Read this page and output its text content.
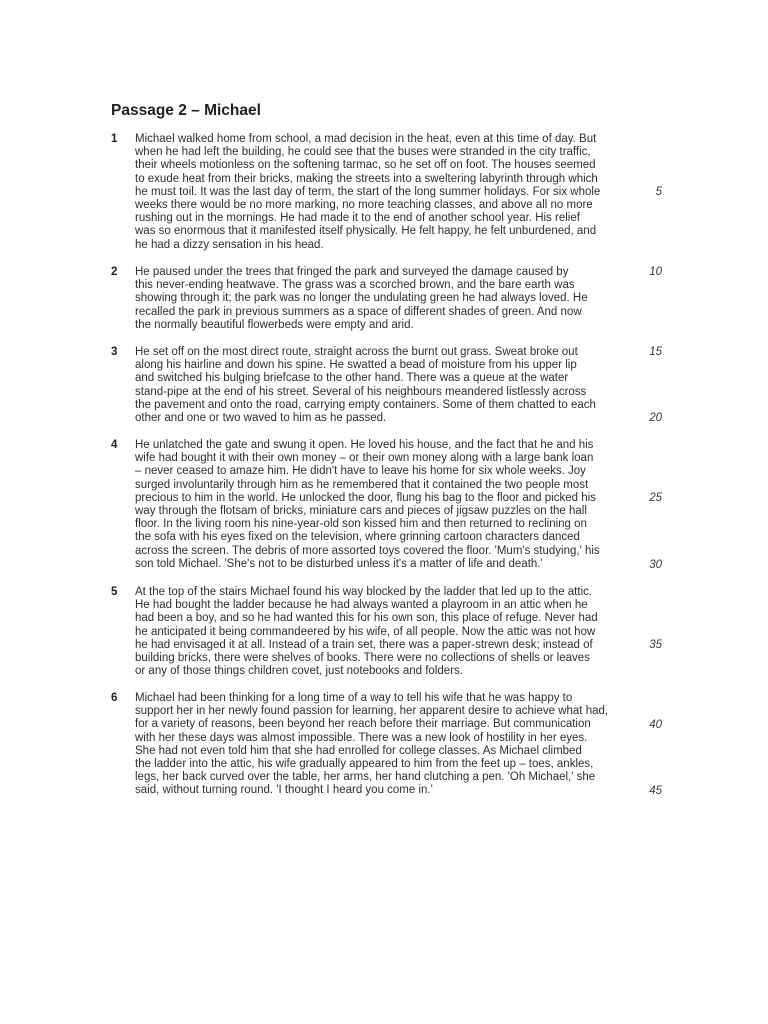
Passage 2 – Michael
1 Michael walked home from school, a mad decision in the heat, even at this time of day. But
when he had left the building, he could see that the buses were stranded in the city traffic,
their wheels motionless on the softening tarmac, so he set off on foot. The houses seemed
to exude heat from their bricks, making the streets into a sweltering labyrinth through which
he must toil. It was the last day of term, the start of the long summer holidays. For six whole
weeks there would be no more marking, no more teaching classes, and above all no more
rushing out in the mornings. He had made it to the end of another school year. His relief
was so enormous that it manifested itself physically. He felt happy, he felt unburdened, and
he had a dizzy sensation in his head.
2 He paused under the trees that fringed the park and surveyed the damage caused by
this never-ending heatwave. The grass was a scorched brown, and the bare earth was
showing through it; the park was no longer the undulating green he had always loved. He
recalled the park in previous summers as a space of different shades of green. And now
the normally beautiful flowerbeds were empty and arid.
3 He set off on the most direct route, straight across the burnt out grass. Sweat broke out
along his hairline and down his spine. He swatted a bead of moisture from his upper lip
and switched his bulging briefcase to the other hand. There was a queue at the water
stand-pipe at the end of his street. Several of his neighbours meandered listlessly across
the pavement and onto the road, carrying empty containers. Some of them chatted to each
other and one or two waved to him as he passed.
4 He unlatched the gate and swung it open. He loved his house, and the fact that he and his
wife had bought it with their own money – or their own money along with a large bank loan
– never ceased to amaze him. He didn't have to leave his home for six whole weeks. Joy
surged involuntarily through him as he remembered that it contained the two people most
precious to him in the world. He unlocked the door, flung his bag to the floor and picked his
way through the flotsam of bricks, miniature cars and pieces of jigsaw puzzles on the hall
floor. In the living room his nine-year-old son kissed him and then returned to reclining on
the sofa with his eyes fixed on the television, where grinning cartoon characters danced
across the screen. The debris of more assorted toys covered the floor. 'Mum's studying,' his
son told Michael. 'She's not to be disturbed unless it's a matter of life and death.'
5 At the top of the stairs Michael found his way blocked by the ladder that led up to the attic.
He had bought the ladder because he had always wanted a playroom in an attic when he
had been a boy, and so he had wanted this for his own son, this place of refuge. Never had
he anticipated it being commandeered by his wife, of all people. Now the attic was not how
he had envisaged it at all. Instead of a train set, there was a paper-strewn desk; instead of
building bricks, there were shelves of books. There were no collections of shells or leaves
or any of those things children covet, just notebooks and folders.
6 Michael had been thinking for a long time of a way to tell his wife that he was happy to
support her in her newly found passion for learning, her apparent desire to achieve what had,
for a variety of reasons, been beyond her reach before their marriage. But communication
with her these days was almost impossible. There was a new look of hostility in her eyes.
She had not even told him that she had enrolled for college classes. As Michael climbed
the ladder into the attic, his wife gradually appeared to him from the feet up – toes, ankles,
legs, her back curved over the table, her arms, her hand clutching a pen. 'Oh Michael,' she
said, without turning round. 'I thought I heard you come in.'
5
10
15
20
25
30
35
40
45
